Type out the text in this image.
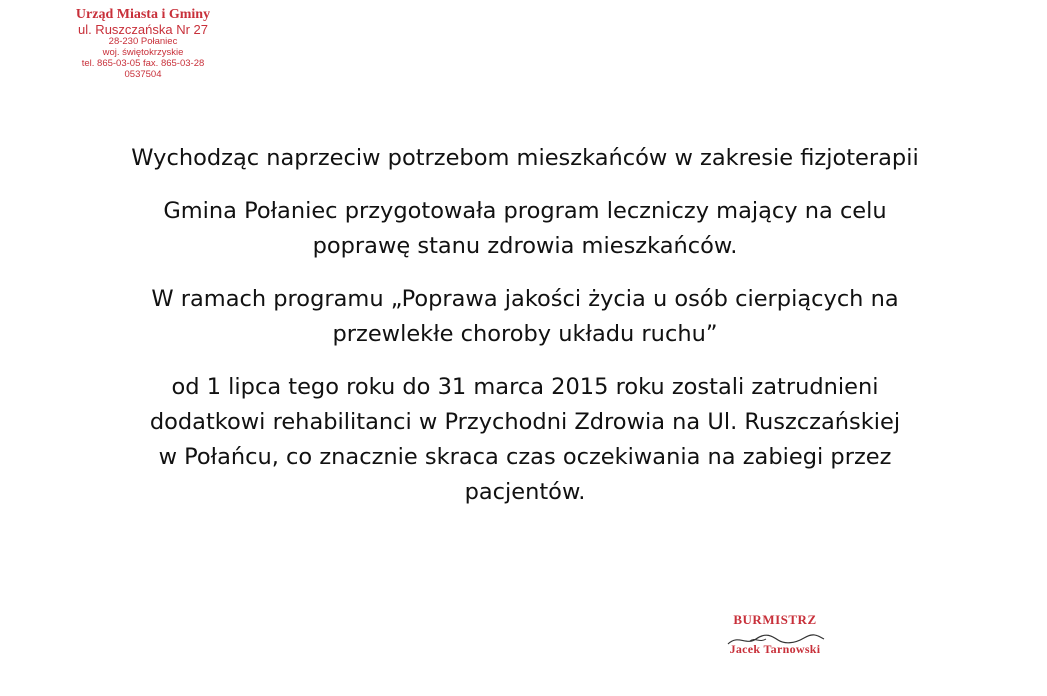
Urząd Miasta i Gminy
ul. Ruszczańska Nr 27
28-230 Połaniec
woj. świętokrzyskie
tel. 865-03-05 fax. 865-03-28
0537504

Wychodząc naprzeciw potrzebom mieszkańców w zakresie fizjoterapii

Gmina Połaniec przygotowała program leczniczy mający na celu
poprawę stanu zdrowia mieszkańców.

W ramach programu „Poprawa jakości życia u osób cierpiących na
przewlekłe choroby układu ruchu”

od 1 lipca tego roku do 31 marca 2015 roku zostali zatrudnieni
dodatkowi rehabilitanci w Przychodni Zdrowia na Ul. Ruszczańskiej
w Połańcu, co znacznie skraca czas oczekiwania na zabiegi przez
pacjentów.

BURMISTRZ
Jacek Tarnowski
